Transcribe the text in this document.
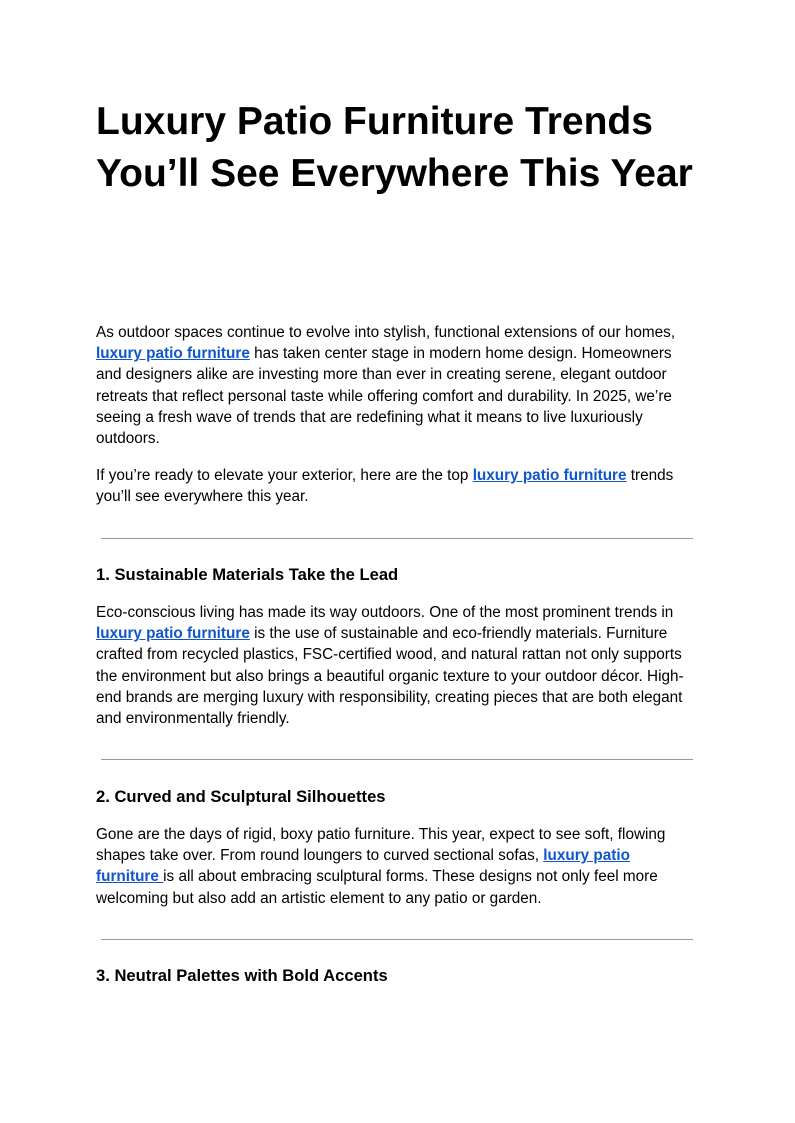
Luxury Patio Furniture Trends You’ll See Everywhere This Year

As outdoor spaces continue to evolve into stylish, functional extensions of our homes, luxury patio furniture has taken center stage in modern home design. Homeowners and designers alike are investing more than ever in creating serene, elegant outdoor retreats that reflect personal taste while offering comfort and durability. In 2025, we’re seeing a fresh wave of trends that are redefining what it means to live luxuriously outdoors.

If you’re ready to elevate your exterior, here are the top luxury patio furniture trends you’ll see everywhere this year.

1. Sustainable Materials Take the Lead

Eco-conscious living has made its way outdoors. One of the most prominent trends in luxury patio furniture is the use of sustainable and eco-friendly materials. Furniture crafted from recycled plastics, FSC-certified wood, and natural rattan not only supports the environment but also brings a beautiful organic texture to your outdoor décor. High-end brands are merging luxury with responsibility, creating pieces that are both elegant and environmentally friendly.

2. Curved and Sculptural Silhouettes

Gone are the days of rigid, boxy patio furniture. This year, expect to see soft, flowing shapes take over. From round loungers to curved sectional sofas, luxury patio furniture is all about embracing sculptural forms. These designs not only feel more welcoming but also add an artistic element to any patio or garden.

3. Neutral Palettes with Bold Accents
